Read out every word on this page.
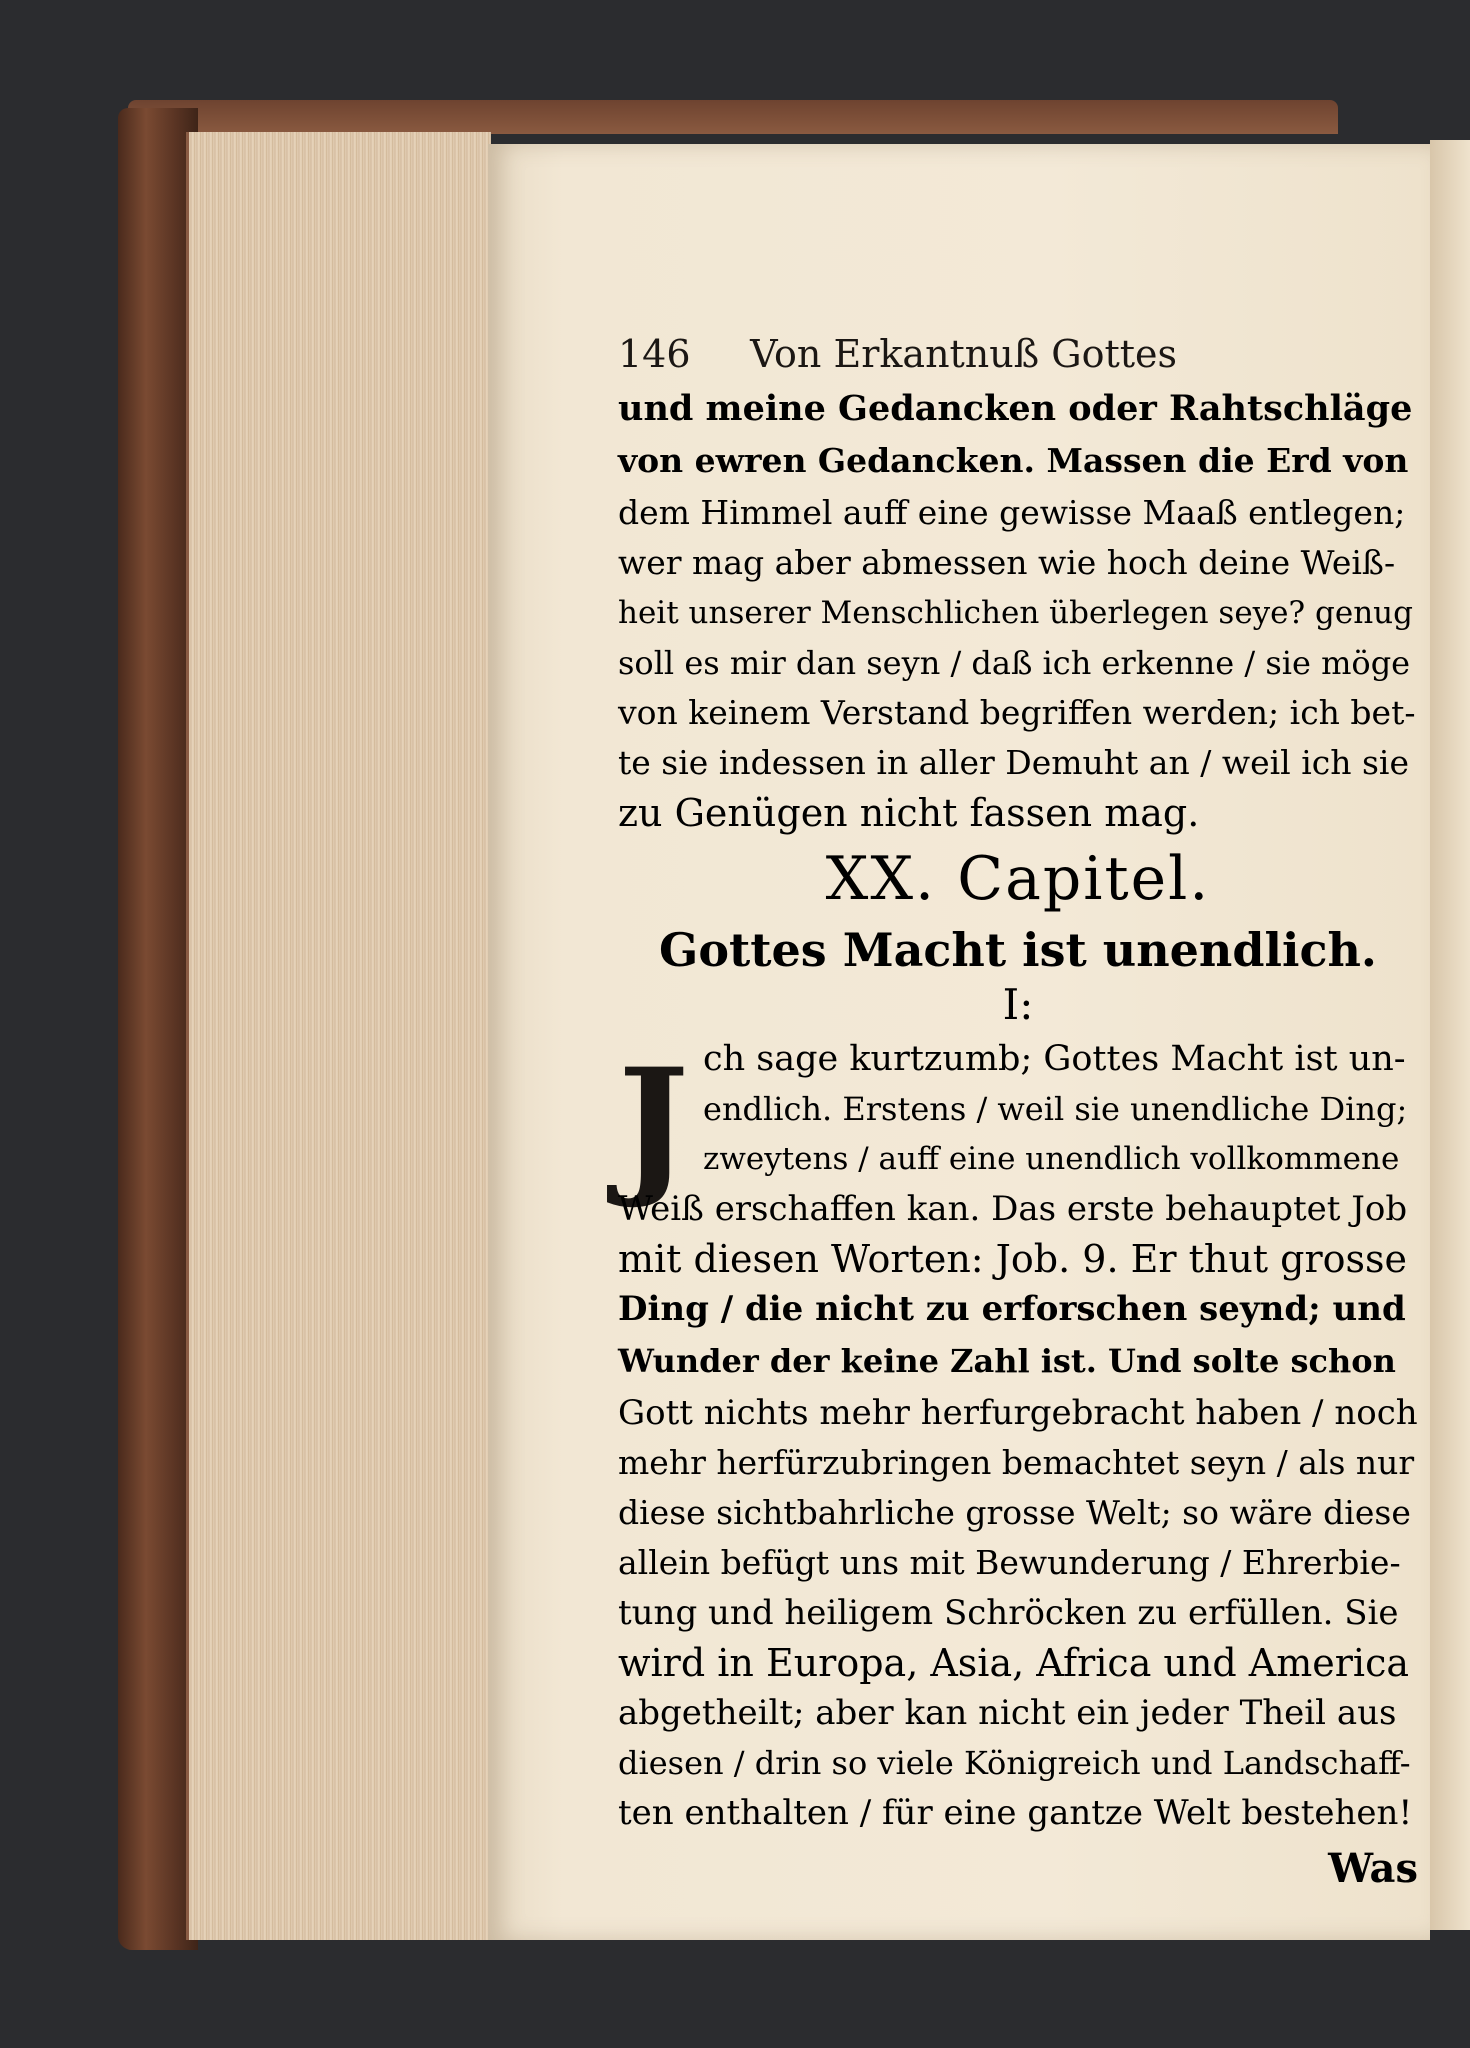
146 Von Erkantnuß Gottes
und meine Gedancken oder Rahtschläge
von ewren Gedancken. Massen die Erd von
dem Himmel auff eine gewisse Maaß entlegen;
wer mag aber abmessen wie hoch deine Weiß-
heit unserer Menschlichen überlegen seye? genug
soll es mir dan seyn / daß ich erkenne / sie möge
von keinem Verstand begriffen werden; ich bet-
te sie indessen in aller Demuht an / weil ich sie
zu Genügen nicht fassen mag.
XX. Capitel.
Gottes Macht ist unendlich.
I:
J ch sage kurtzumb; Gottes Macht ist un-
endlich. Erstens / weil sie unendliche Ding;
zweytens / auff eine unendlich vollkommene
Weiß erschaffen kan. Das erste behauptet Job
mit diesen Worten: Job. 9. Er thut grosse
Ding / die nicht zu erforschen seynd; und
Wunder der keine Zahl ist. Und solte schon
Gott nichts mehr herfurgebracht haben / noch
mehr herfürzubringen bemachtet seyn / als nur
diese sichtbahrliche grosse Welt; so wäre diese
allein befügt uns mit Bewunderung / Ehrerbie-
tung und heiligem Schröcken zu erfüllen. Sie
wird in Europa, Asia, Africa und America
abgetheilt; aber kan nicht ein jeder Theil aus
diesen / drin so viele Königreich und Landschaff-
ten enthalten / für eine gantze Welt bestehen!
Was
